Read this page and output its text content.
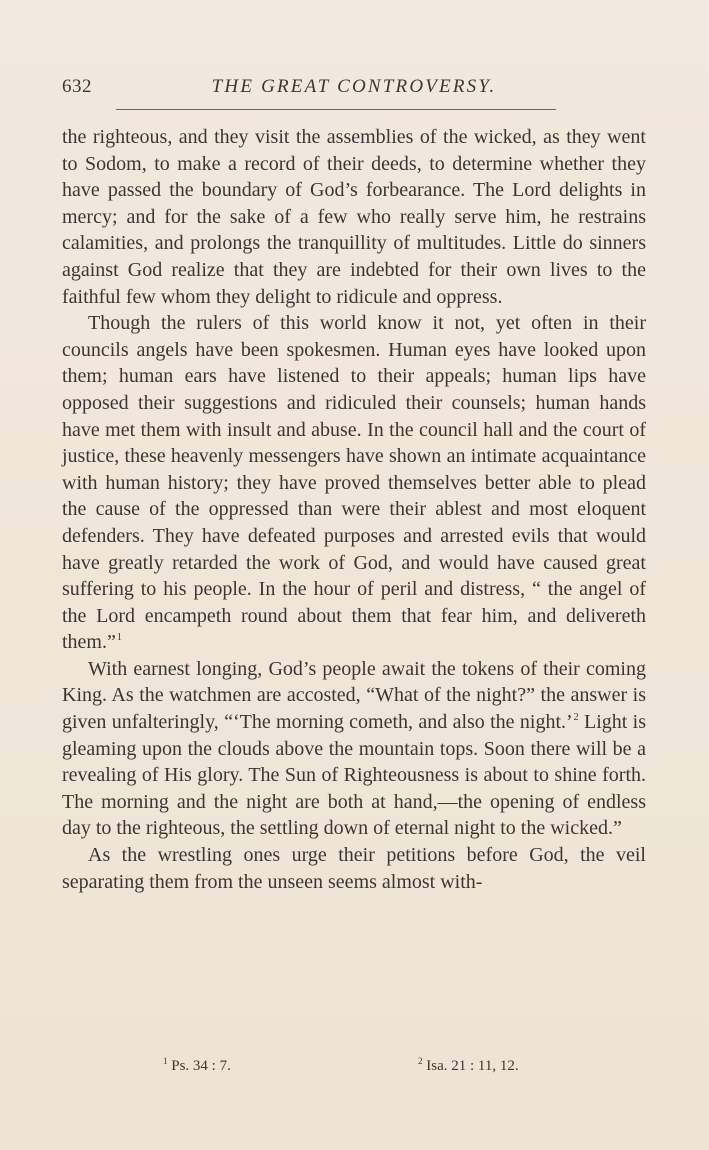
632	THE GREAT CONTROVERSY.

the righteous, and they visit the assemblies of the wicked, as they went to Sodom, to make a record of their deeds, to determine whether they have passed the boundary of God’s forbearance. The Lord delights in mercy; and for the sake of a few who really serve him, he restrains calamities, and prolongs the tranquillity of multitudes. Little do sinners against God realize that they are indebted for their own lives to the faithful few whom they delight to ridicule and oppress.

Though the rulers of this world know it not, yet often in their councils angels have been spokesmen. Human eyes have looked upon them; human ears have listened to their appeals; human lips have opposed their suggestions and ridiculed their counsels; human hands have met them with insult and abuse. In the council hall and the court of justice, these heavenly messengers have shown an intimate acquaintance with human history; they have proved themselves better able to plead the cause of the oppressed than were their ablest and most eloquent defenders. They have defeated purposes and arrested evils that would have greatly retarded the work of God, and would have caused great suffering to his people. In the hour of peril and distress, “ the angel of the Lord encampeth round about them that fear him, and delivereth them.”$^1$

With earnest longing, God’s people await the tokens of their coming King. As the watchmen are accosted, “What of the night?” the answer is given unfalteringly, “‘The morning cometh, and also the night.’$^2$ Light is gleaming upon the clouds above the mountain tops. Soon there will be a revealing of His glory. The Sun of Righteousness is about to shine forth. The morning and the night are both at hand,—the opening of endless day to the righteous, the settling down of eternal night to the wicked.”

As the wrestling ones urge their petitions before God, the veil separating them from the unseen seems almost with-

$^1$ Ps. 34 : 7.	$^2$ Isa. 21 : 11, 12.
